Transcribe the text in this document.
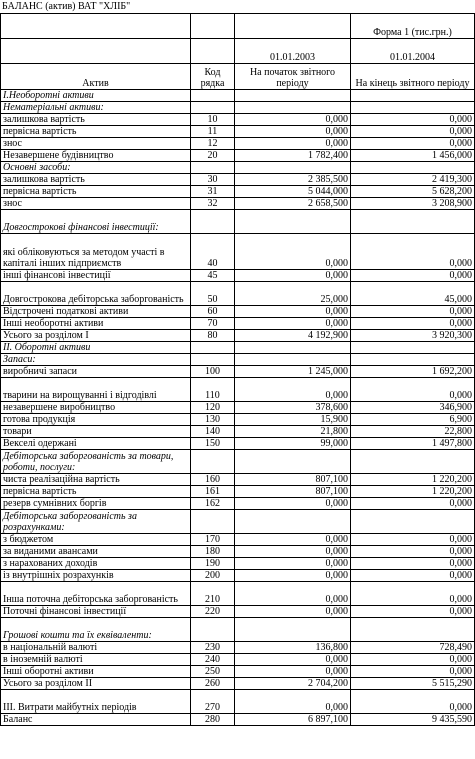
БАЛАНС (актив) ВАТ "ХЛІБ"
			Форма 1 (тис.грн.)
		01.01.2003	01.01.2004
Актив	Код рядка	На початок звітного періоду	На кінець звітного періоду
І.Необоротні активи			
Нематеріальні активи:			
залишкова вартість	10	0,000	0,000
первісна вартість	11	0,000	0,000
знос	12	0,000	0,000
Незавершене будівництво	20	1 782,400	1 456,000
Основні засоби:			
залишкова вартість	30	2 385,500	2 419,300
первісна вартість	31	5 044,000	5 628,200
знос	32	2 658,500	3 208,900
Довгострокові фінансові інвестиції:			
які обліковуються за методом участі в капіталі інших підприємств	40	0,000	0,000
інші фінансові інвестиції	45	0,000	0,000
Довгострокова дебіторська заборгованість	50	25,000	45,000
Відстрочені податкові активи	60	0,000	0,000
Інші необоротні активи	70	0,000	0,000
Усього за розділом І	80	4 192,900	3 920,300
ІІ. Оборотні активи			
Запаси:			
виробничі запаси	100	1 245,000	1 692,200
тварини на вирощуванні і відгодівлі	110	0,000	0,000
незавершене виробництво	120	378,600	346,900
готова продукція	130	15,900	6,900
товари	140	21,800	22,800
Векселі одержані	150	99,000	1 497,800
Дебіторська заборгованість за товари, роботи, послуги:			
чиста реалізаційна вартість	160	807,100	1 220,200
первісна вартість	161	807,100	1 220,200
резерв сумнівних боргів	162	0,000	0,000
Дебіторська заборгованість за розрахунками:			
з бюджетом	170	0,000	0,000
за виданими авансами	180	0,000	0,000
з нарахованих доходів	190	0,000	0,000
із внутрішніх розрахунків	200	0,000	0,000
Інша поточна дебіторська заборгованість	210	0,000	0,000
Поточні фінансові інвестиції	220	0,000	0,000
Грошові кошти та їх еквіваленти:			
в національній валюті	230	136,800	728,490
в іноземній валюті	240	0,000	0,000
Інші оборотні активи	250	0,000	0,000
Усього за розділом ІІ	260	2 704,200	5 515,290
ІІІ. Витрати майбутніх періодів	270	0,000	0,000
Баланс	280	6 897,100	9 435,590
